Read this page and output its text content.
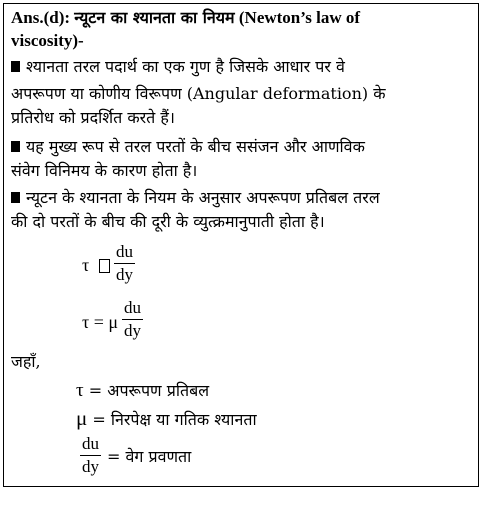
Ans.(d): न्यूटन का श्यानता का नियम (Newton’s law of
viscosity)-
श्यानता तरल पदार्थ का एक गुण है जिसके आधार पर वे
अपरूपण या कोणीय विरूपण (Angular deformation) के
प्रतिरोध को प्रदर्शित करते हैं।
यह मुख्य रूप से तरल परतों के बीच ससंजन और आणविक
संवेग विनिमय के कारण होता है।
न्यूटन के श्यानता के नियम के अनुसार अपरूपण प्रतिबल तरल
की दो परतों के बीच की दूरी के व्युत्क्रमानुपाती होता है।
τ
du
dy
τ = μ
du
dy
जहाँ,
τ = अपरूपण प्रतिबल
μ = निरपेक्ष या गतिक श्यानता
du
dy
= वेग प्रवणता
